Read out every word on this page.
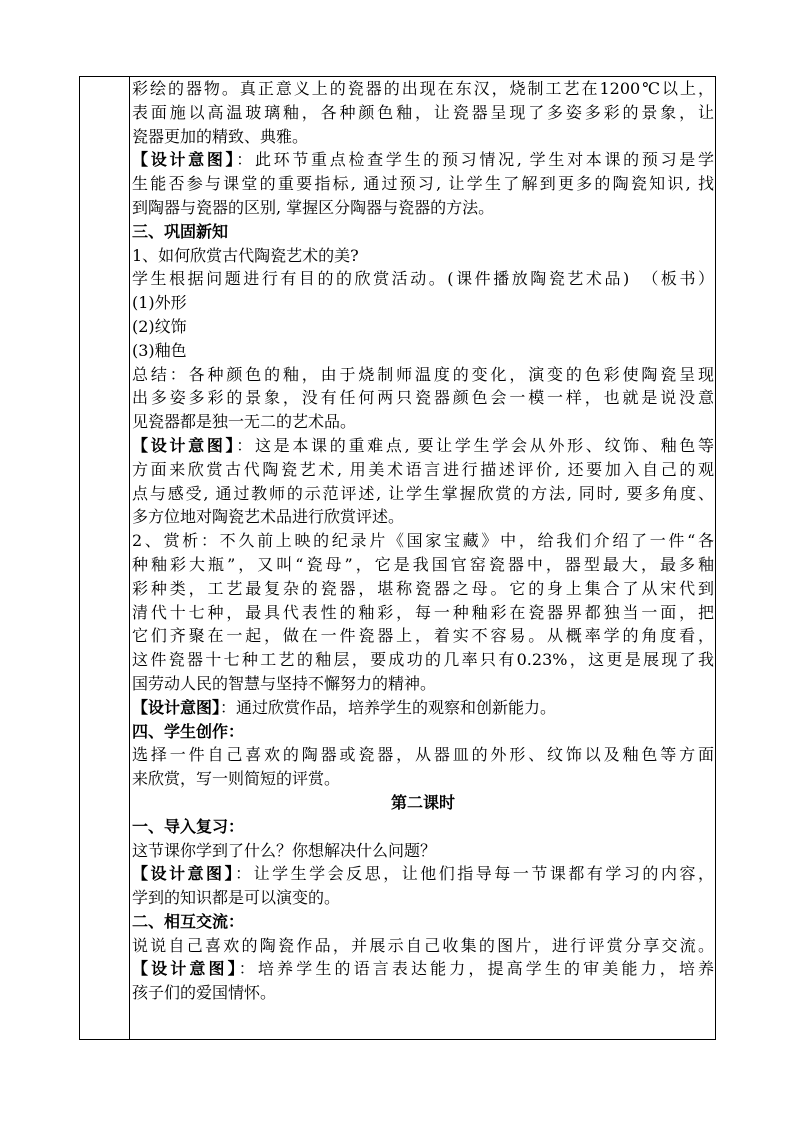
彩绘的器物。真正意义上的瓷器的出现在东汉，烧制工艺在1200℃以上，
表面施以高温玻璃釉，各种颜色釉，让瓷器呈现了多姿多彩的景象，让
瓷器更加的精致、典雅。
【设计意图】：此环节重点检查学生的预习情况, 学生对本课的预习是学
生能否参与课堂的重要指标, 通过预习, 让学生了解到更多的陶瓷知识, 找
到陶器与瓷器的区别, 掌握区分陶器与瓷器的方法。
三、巩固新知
1、如何欣赏古代陶瓷艺术的美?
学生根据问题进行有目的的欣赏活动。(课件播放陶瓷艺术品)　（板书）
(1)外形
(2)纹饰
(3)釉色
总结：各种颜色的釉，由于烧制师温度的变化，演变的色彩使陶瓷呈现
出多姿多彩的景象，没有任何两只瓷器颜色会一模一样，也就是说没意
见瓷器都是独一无二的艺术品。
【设计意图】：这是本课的重难点, 要让学生学会从外形、纹饰、釉色等
方面来欣赏古代陶瓷艺术, 用美术语言进行描述评价, 还要加入自己的观
点与感受, 通过教师的示范评述, 让学生掌握欣赏的方法, 同时, 要多角度、
多方位地对陶瓷艺术品进行欣赏评述。
2、赏析：不久前上映的纪录片《国家宝藏》中，给我们介绍了一件“各
种釉彩大瓶”，又叫“瓷母”，它是我国官窑瓷器中，器型最大，最多釉
彩种类，工艺最复杂的瓷器，堪称瓷器之母。它的身上集合了从宋代到
清代十七种，最具代表性的釉彩，每一种釉彩在瓷器界都独当一面，把
它们齐聚在一起，做在一件瓷器上，着实不容易。从概率学的角度看，
这件瓷器十七种工艺的釉层，要成功的几率只有0.23%，这更是展现了我
国劳动人民的智慧与坚持不懈努力的精神。
【设计意图】：通过欣赏作品，培养学生的观察和创新能力。
四、学生创作：
选择一件自己喜欢的陶器或瓷器，从器皿的外形、纹饰以及釉色等方面
来欣赏，写一则简短的评赏。
第二课时
一、导入复习：
这节课你学到了什么？你想解决什么问题？
【设计意图】：让学生学会反思，让他们指导每一节课都有学习的内容，
学到的知识都是可以演变的。
二、相互交流：
说说自己喜欢的陶瓷作品，并展示自己收集的图片，进行评赏分享交流。
【设计意图】：培养学生的语言表达能力，提高学生的审美能力，培养
孩子们的爱国情怀。
